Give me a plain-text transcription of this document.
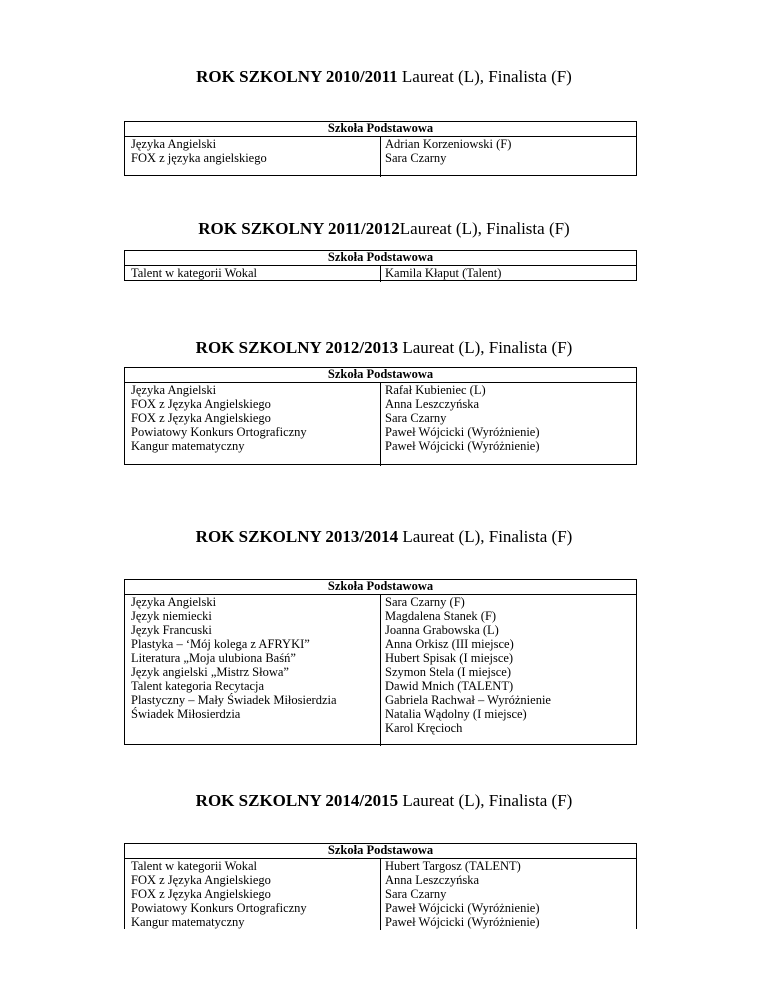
ROK SZKOLNY 2010/2011 Laureat (L), Finalista (F)
Szkoła Podstawowa
Języka Angielski
FOX z języka angielskiego
Adrian Korzeniowski (F)
Sara Czarny
ROK SZKOLNY 2011/2012Laureat (L), Finalista (F)
Szkoła Podstawowa
Talent w kategorii Wokal	Kamila Kłaput (Talent)
ROK SZKOLNY 2012/2013 Laureat (L), Finalista (F)
Szkoła Podstawowa
Języka Angielski
FOX z Języka Angielskiego
FOX z Języka Angielskiego
Powiatowy Konkurs Ortograficzny
Kangur matematyczny
Rafał Kubieniec (L)
Anna Leszczyńska
Sara Czarny
Paweł Wójcicki (Wyróżnienie)
Paweł Wójcicki (Wyróżnienie)
ROK SZKOLNY 2013/2014 Laureat (L), Finalista (F)
Szkoła Podstawowa
Języka Angielski
Język niemiecki
Język Francuski
Plastyka – ‘Mój kolega z AFRYKI”
Literatura „Moja ulubiona Baśń”
Język angielski „Mistrz Słowa”
Talent kategoria Recytacja
Plastyczny – Mały Świadek Miłosierdzia
Świadek Miłosierdzia
Sara Czarny (F)
Magdalena Stanek (F)
Joanna Grabowska (L)
Anna Orkisz (III miejsce)
Hubert Spisak (I miejsce)
Szymon Stela (I miejsce)
Dawid Mnich (TALENT)
Gabriela Rachwał – Wyróżnienie
Natalia Wądolny (I miejsce)
Karol Kręcioch
ROK SZKOLNY 2014/2015 Laureat (L), Finalista (F)
Szkoła Podstawowa
Talent w kategorii Wokal
FOX z Języka Angielskiego
FOX z Języka Angielskiego
Powiatowy Konkurs Ortograficzny
Kangur matematyczny
Hubert Targosz (TALENT)
Anna Leszczyńska
Sara Czarny
Paweł Wójcicki (Wyróżnienie)
Paweł Wójcicki (Wyróżnienie)
